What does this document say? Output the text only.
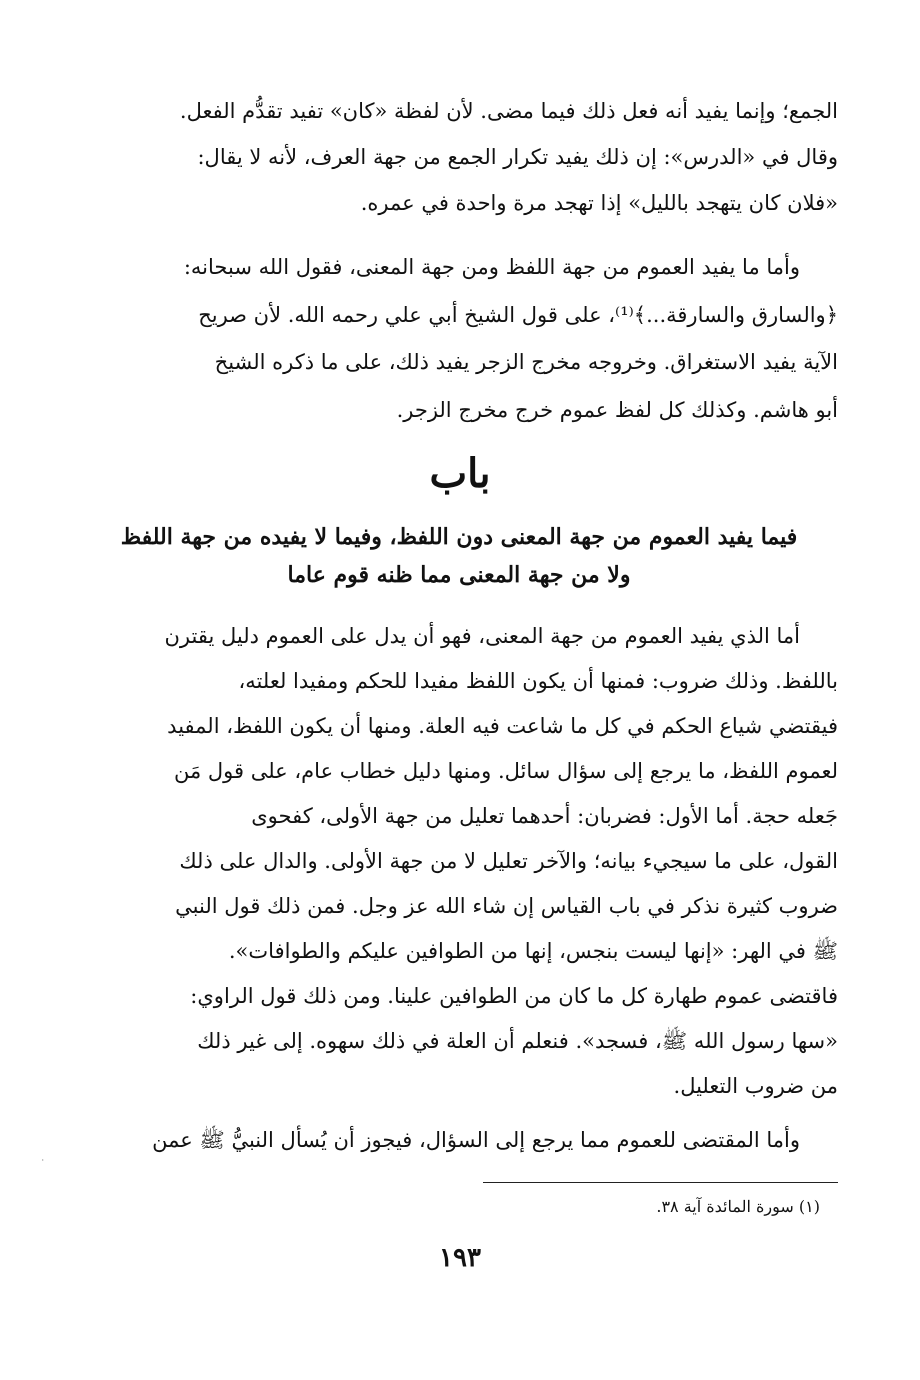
الجمع؛ وإنما يفيد أنه فعل ذلك فيما مضى. لأن لفظة «كان» تفيد تقدُّم الفعل.
وقال في «الدرس»: إن ذلك يفيد تكرار الجمع من جهة العرف، لأنه لا يقال:
«فلان كان يتهجد بالليل» إذا تهجد مرة واحدة في عمره.
وأما ما يفيد العموم من جهة اللفظ ومن جهة المعنى، فقول الله سبحانه:
﴿والسارق والسارقة...﴾⁽¹⁾، على قول الشيخ أبي علي رحمه الله. لأن صريح
الآية يفيد الاستغراق. وخروجه مخرج الزجر يفيد ذلك، على ما ذكره الشيخ
أبو هاشم. وكذلك كل لفظ عموم خرج مخرج الزجر.
باب
فيما يفيد العموم من جهة المعنى دون اللفظ، وفيما لا يفيده من جهة اللفظ
ولا من جهة المعنى مما ظنه قوم عاما
أما الذي يفيد العموم من جهة المعنى، فهو أن يدل على العموم دليل يقترن
باللفظ. وذلك ضروب: فمنها أن يكون اللفظ مفيدا للحكم ومفيدا لعلته،
فيقتضي شياع الحكم في كل ما شاعت فيه العلة. ومنها أن يكون اللفظ، المفيد
لعموم اللفظ، ما يرجع إلى سؤال سائل. ومنها دليل خطاب عام، على قول مَن
جَعله حجة. أما الأول: فضربان: أحدهما تعليل من جهة الأولى، كفحوى
القول، على ما سيجيء بيانه؛ والآخر تعليل لا من جهة الأولى. والدال على ذلك
ضروب كثيرة نذكر في باب القياس إن شاء الله عز وجل. فمن ذلك قول النبي
ﷺ في الهر: «إنها ليست بنجس، إنها من الطوافين عليكم والطوافات».
فاقتضى عموم طهارة كل ما كان من الطوافين علينا. ومن ذلك قول الراوي:
«سها رسول الله ﷺ، فسجد». فنعلم أن العلة في ذلك سهوه. إلى غير ذلك
من ضروب التعليل.
وأما المقتضى للعموم مما يرجع إلى السؤال، فيجوز أن يُسأل النبيُّ ﷺ عمن
(١) سورة المائدة آية ٣٨.
١٩٣
·
